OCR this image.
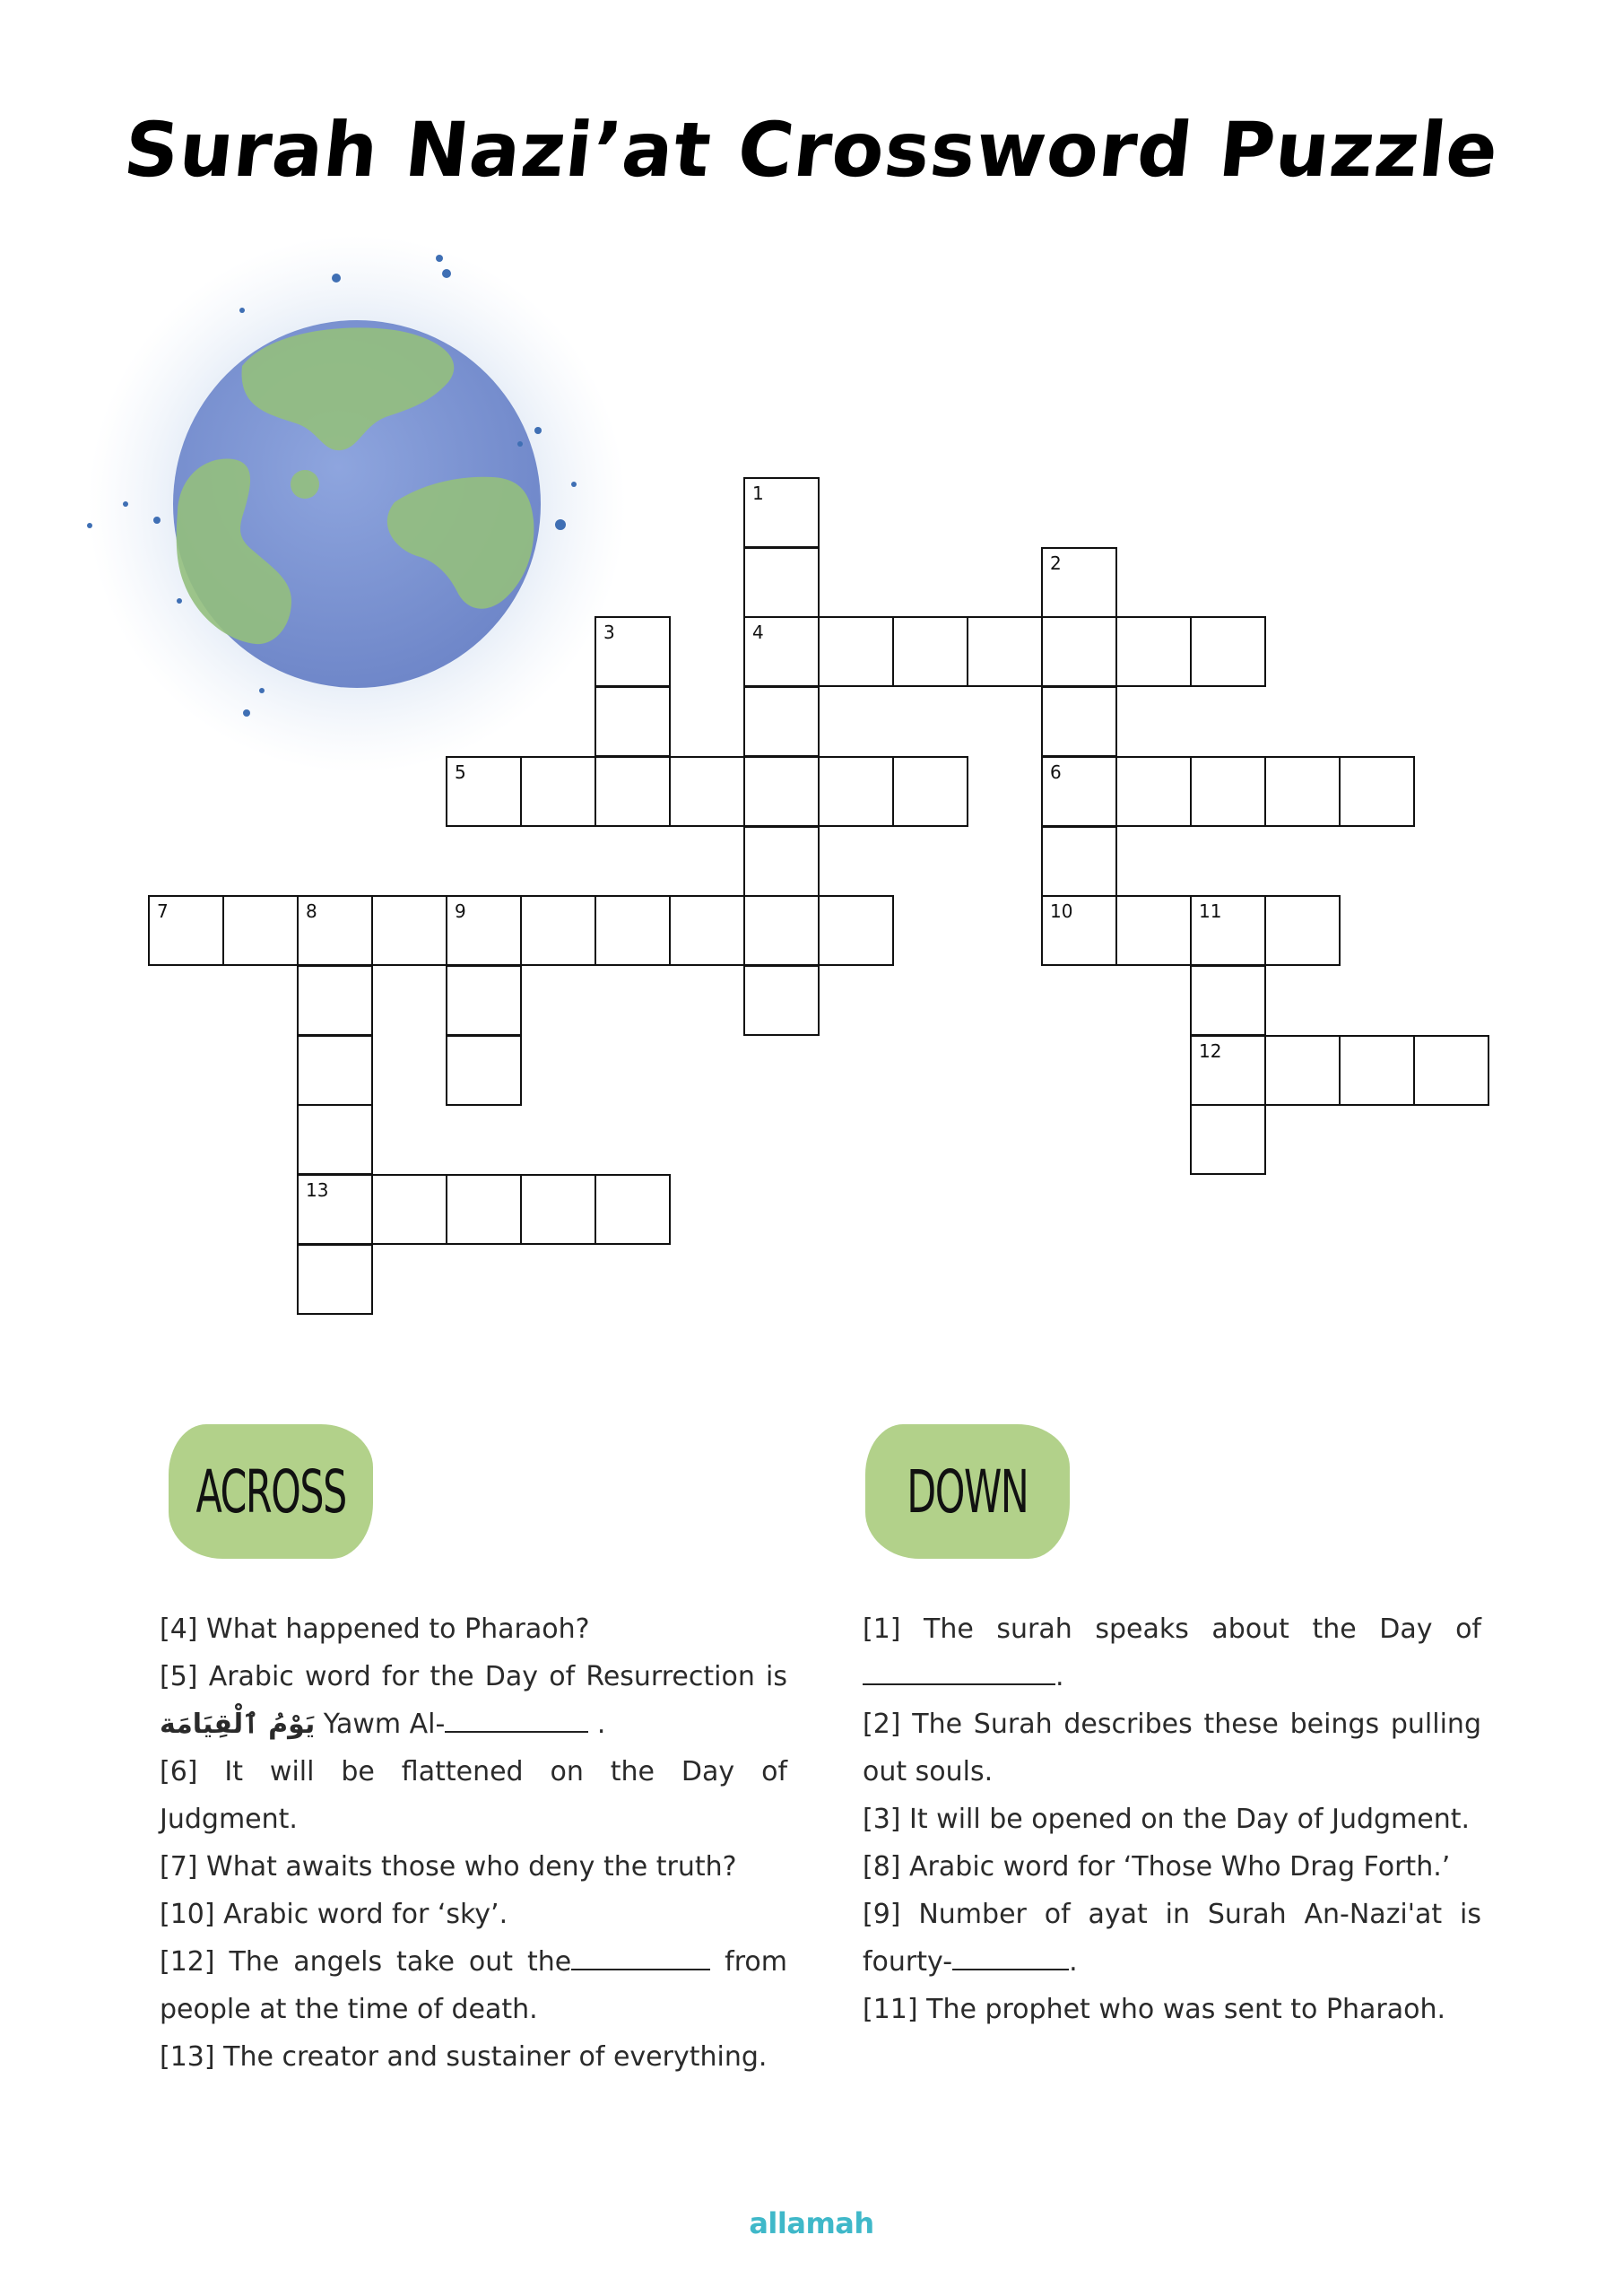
Surah Nazi’at Crossword Puzzle
1
2
3	4
5	6
7	8	9	10	11
12
13
ACROSS	DOWN

[4] What happened to Pharaoh?

[5] Arabic word for the Day of Resurrection is يَوْمُ ٱلْقِيَامَة Yawm Al-	.

[6] It will be flattened on the Day of Judgment.

[7] What awaits those who deny the truth?

[10] Arabic word for ‘sky’.

[12] The angels take out the	from people at the time of death.

[13] The creator and sustainer of everything.

[1] The surah speaks about the Day of .

[2] The Surah describes these beings pulling out souls.

[3] It will be opened on the Day of Judgment.

[8] Arabic word for ‘Those Who Drag Forth.’

[9] Number of ayat in Surah An-Nazi'at is fourty-	.

[11] The prophet who was sent to Pharaoh.

allamah
